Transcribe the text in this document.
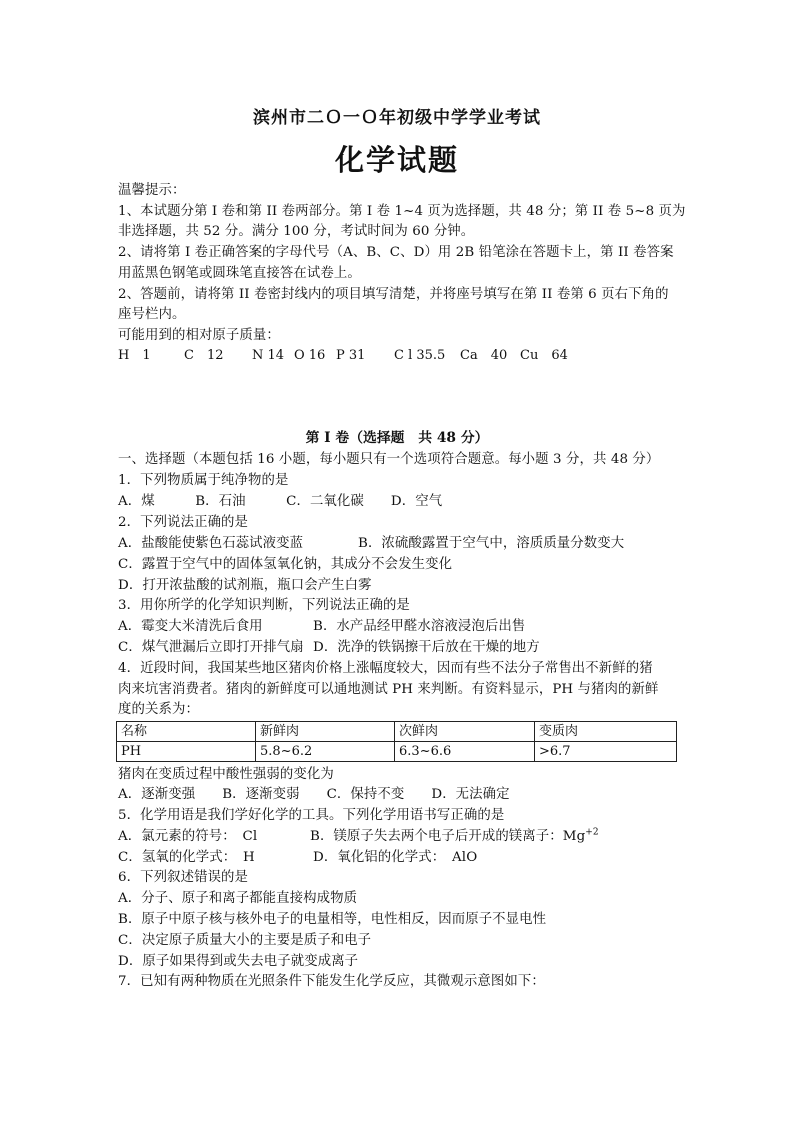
滨州市二Ｏ一Ｏ年初级中学学业考试
化学试题
温馨提示：
1、本试题分第 I 卷和第 II 卷两部分。第 I 卷 1~4 页为选择题，共 48 分；第 II 卷 5~8 页为
非选择题，共 52 分。满分 100 分，考试时间为 60 分钟。
2、请将第 I 卷正确答案的字母代号（A、B、C、D）用 2B 铅笔涂在答题卡上，第 II 卷答案
用蓝黑色钢笔或圆珠笔直接答在试卷上。
2、答题前，请将第 II 卷密封线内的项目填写清楚，并将座号填写在第 II 卷第 6 页右下角的
座号栏内。
可能用到的相对原子质量：
H　1	C　12 N 14 O 16 P 31 C l 35.5 Ca　40 Cu　64
第 I 卷（选择题　共 48 分）
一、选择题（本题包括 16 小题，每小题只有一个选项符合题意。每小题 3 分，共 48 分）
1．下列物质属于纯净物的是
A．煤　　　B．石油　　　C．二氧化碳　　D．空气
2．下列说法正确的是
A．盐酸能使紫色石蕊试液变蓝	B．浓硫酸露置于空气中，溶质质量分数变大
C．露置于空气中的固体氢氧化钠，其成分不会发生变化
D．打开浓盐酸的试剂瓶，瓶口会产生白雾
3．用你所学的化学知识判断，下列说法正确的是
A．霉变大米清洗后食用	B．水产品经甲醛水溶液浸泡后出售
C．煤气泄漏后立即打开排气扇 D．洗净的铁锅擦干后放在干燥的地方
4．近段时间，我国某些地区猪肉价格上涨幅度较大，因而有些不法分子常售出不新鲜的猪
肉来坑害消费者。猪肉的新鲜度可以通地测试 PH 来判断。有资料显示，PH 与猪肉的新鲜
度的关系为：
名称	新鲜肉	次鲜肉	变质肉
PH	5.8~6.2	6.3~6.6	>6.7
猪肉在变质过程中酸性强弱的变化为
A．逐渐变强　　B．逐渐变弱　　C．保持不变　　D．无法确定
5．化学用语是我们学好化学的工具。下列化学用语书写正确的是
A．氯元素的符号：　Cl	B．镁原子失去两个电子后开成的镁离子：$Mg^{+2}$
C．氢氧的化学式：　H	D．氧化铝的化学式：　AlO
6．下列叙述错误的是
A．分子、原子和离子都能直接构成物质
B．原子中原子核与核外电子的电量相等，电性相反，因而原子不显电性
C．决定原子质量大小的主要是质子和电子
D．原子如果得到或失去电子就变成离子
7．已知有两种物质在光照条件下能发生化学反应，其微观示意图如下：
